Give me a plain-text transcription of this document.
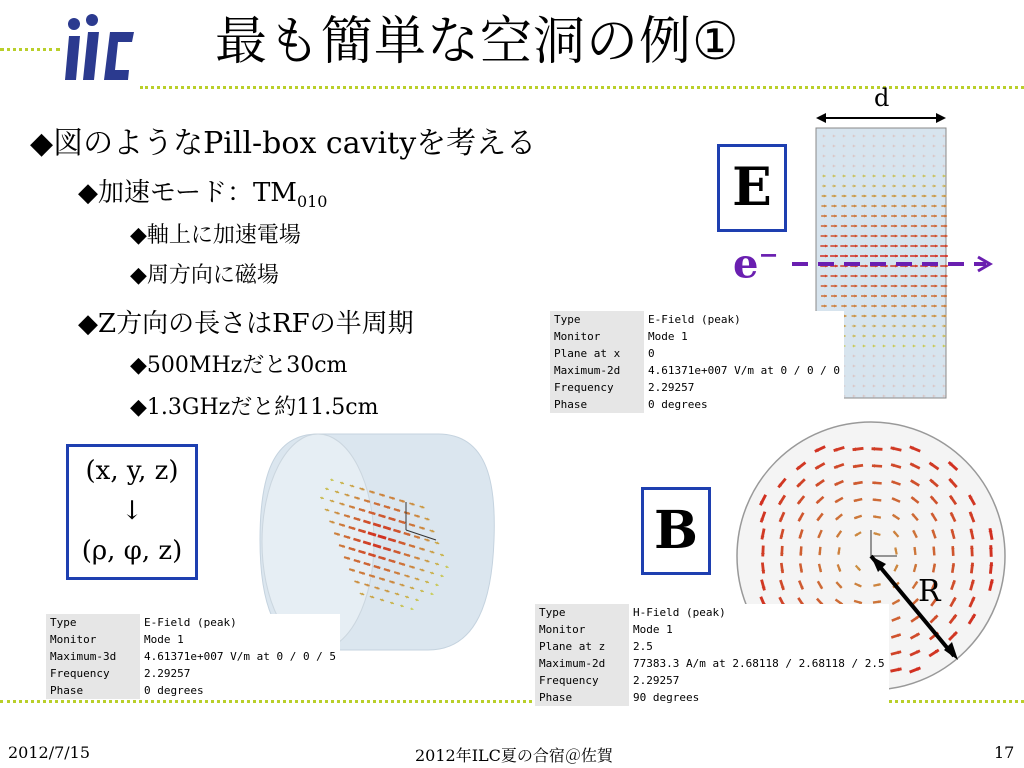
最も簡単な空洞の例①
◆図のようなPill-box cavityを考える
◆加速モード：$TM_{010}$
◆軸上に加速電場
◆周方向に磁場
◆Z方向の長さはRFの半周期
◆500MHzだと30cm
◆1.3GHzだと約11.5cm
(x, y, z)
↓
(ρ, φ, z)
d
E
e−
Type	E-Field (peak)
Monitor	Mode 1
Plane at x	0
Maximum-2d	4.61371e+007 V/m at 0 / 0 / 0
Frequency	2.29257
Phase	0 degrees
Type	E-Field (peak)
Monitor	Mode 1
Maximum-3d	4.61371e+007 V/m at 0 / 0 / 5
Frequency	2.29257
Phase	0 degrees
B
R
Type	H-Field (peak)
Monitor	Mode 1
Plane at z	2.5
Maximum-2d	77383.3 A/m at 2.68118 / 2.68118 / 2.5
Frequency	2.29257
Phase	90 degrees
2012/7/15	2012年ILC夏の合宿＠佐賀	17
